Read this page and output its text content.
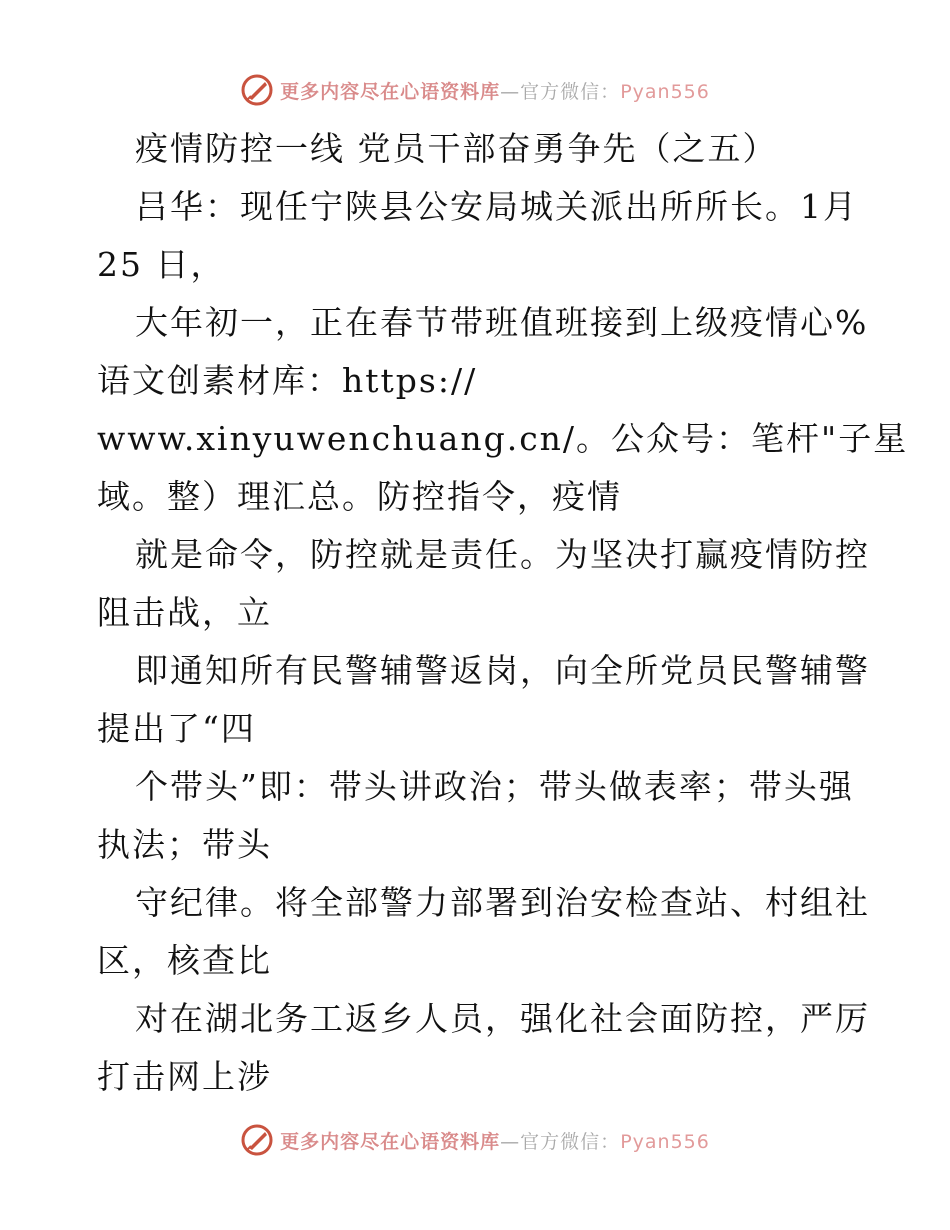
更多内容尽在心语资料库—官方微信：Pyan556
疫情防控一线 党员干部奋勇争先（之五）
吕华：现任宁陕县公安局城关派出所所长。1月
25 日，
大年初一，正在春节带班值班接到上级疫情心%
语文创素材库：https://
www.xinyuwenchuang.cn/。公众号：笔杆"子星
域。整）理汇总。防控指令，疫情
就是命令，防控就是责任。为坚决打赢疫情防控
阻击战，立
即通知所有民警辅警返岗，向全所党员民警辅警
提出了“四
个带头”即：带头讲政治；带头做表率；带头强
执法；带头
守纪律。将全部警力部署到治安检查站、村组社
区，核查比
对在湖北务工返乡人员，强化社会面防控，严厉
打击网上涉
更多内容尽在心语资料库—官方微信：Pyan556
